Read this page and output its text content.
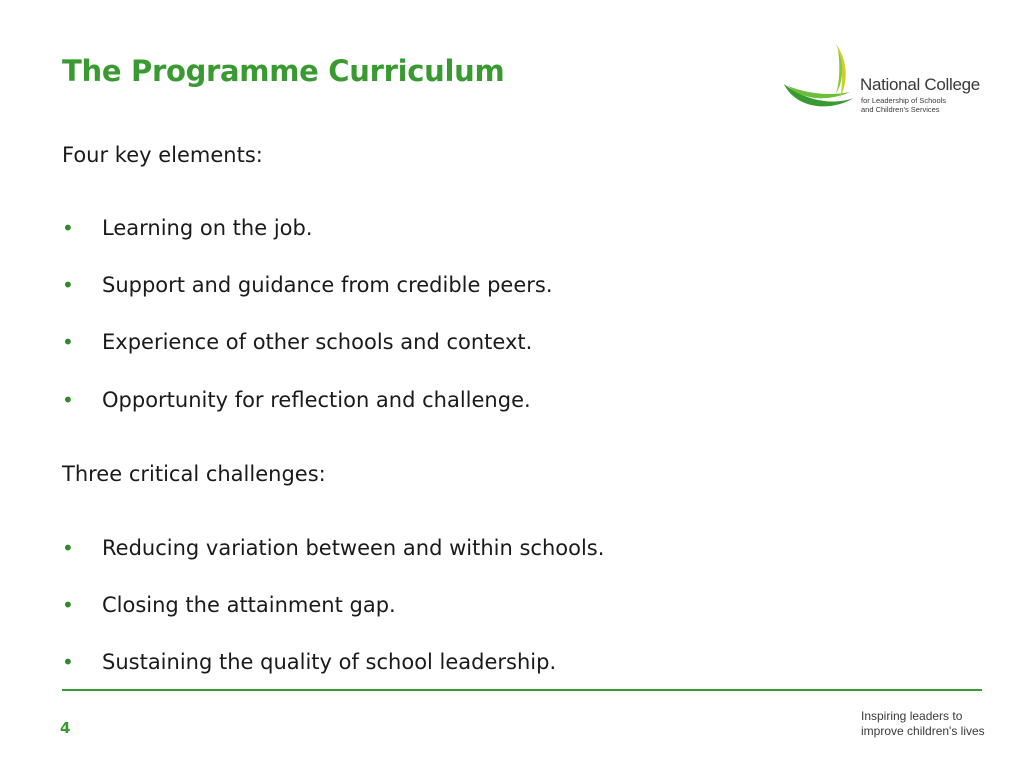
The Programme Curriculum	National College
for Leadership of Schools
and Children's Services

Four key elements:

•	Learning on the job.
•	Support and guidance from credible peers.
•	Experience of other schools and context.
•	Opportunity for reflection and challenge.

Three critical challenges:

•	Reducing variation between and within schools.
•	Closing the attainment gap.
•	Sustaining the quality of school leadership.
4
Inspiring leaders to
improve children's lives
